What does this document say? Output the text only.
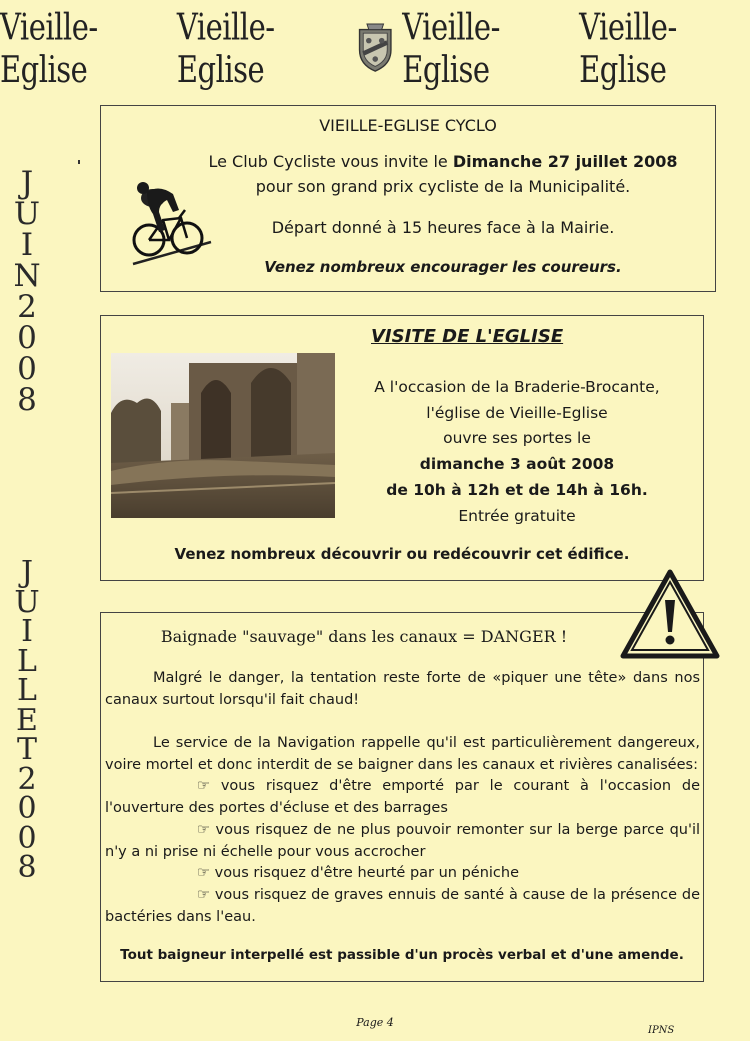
Vieille-Eglise
Vieille-Eglise
Vieille-Eglise
Vieille-Eglise
J
U
I
N
2
0
0
8
J
U
I
L
L
E
T
2
0
0
8
VIEILLE-EGLISE CYCLO
Le Club Cycliste vous invite le Dimanche 27 juillet 2008
pour son grand prix cycliste de la Municipalité.
Départ donné à 15 heures face à la Mairie.
Venez nombreux encourager les coureurs.
VISITE DE L'EGLISE
A l'occasion de la Braderie-Brocante,
l'église de Vieille-Eglise
ouvre ses portes le
dimanche 3 août 2008
de 10h à 12h et de 14h à 16h.
Entrée gratuite
Venez nombreux découvrir ou redécouvrir cet édifice.
Baignade "sauvage" dans les canaux = DANGER !
Malgré le danger, la tentation reste forte de «piquer une tête» dans nos canaux surtout lorsqu'il fait chaud!
Le service de la Navigation rappelle qu'il est particulièrement dangereux, voire mortel et donc interdit de se baigner dans les canaux et rivières canalisées:
☞ vous risquez d'être emporté par le courant à l'occasion de l'ouverture des portes d'écluse et des barrages
☞ vous risquez de ne plus pouvoir remonter sur la berge parce qu'il n'y a ni prise ni échelle pour vous accrocher
☞ vous risquez d'être heurté par un péniche
☞ vous risquez de graves ennuis de santé à cause de la présence de bactéries dans l'eau.
Tout baigneur interpellé est passible d'un procès verbal et d'une amende.
Page 4
IPNS
